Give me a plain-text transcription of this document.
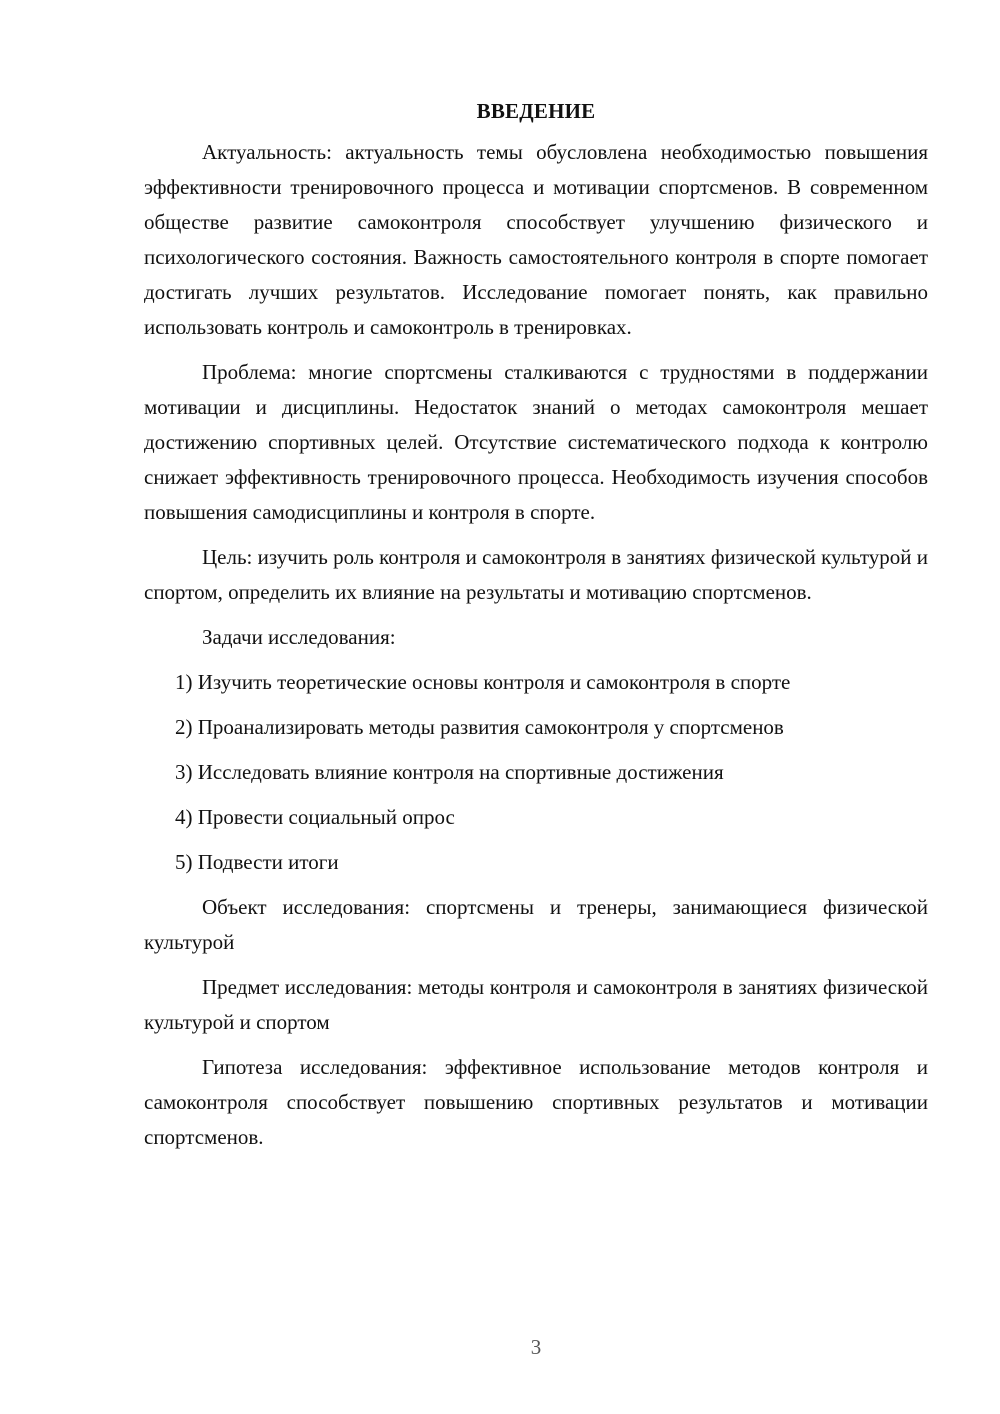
ВВЕДЕНИЕ

Актуальность: актуальность темы обусловлена необходимостью повышения эффективности тренировочного процесса и мотивации спортсменов. В современном обществе развитие самоконтроля способствует улучшению физического и психологического состояния. Важность самостоятельного контроля в спорте помогает достигать лучших результатов. Исследование помогает понять, как правильно использовать контроль и самоконтроль в тренировках.

Проблема: многие спортсмены сталкиваются с трудностями в поддержании мотивации и дисциплины. Недостаток знаний о методах самоконтроля мешает достижению спортивных целей. Отсутствие систематического подхода к контролю снижает эффективность тренировочного процесса. Необходимость изучения способов повышения самодисциплины и контроля в спорте.

Цель: изучить роль контроля и самоконтроля в занятиях физической культурой и спортом, определить их влияние на результаты и мотивацию спортсменов.

Задачи исследования:

1) Изучить теоретические основы контроля и самоконтроля в спорте
2) Проанализировать методы развития самоконтроля у спортсменов
3) Исследовать влияние контроля на спортивные достижения
4) Провести социальный опрос
5) Подвести итоги

Объект исследования: спортсмены и тренеры, занимающиеся физической культурой

Предмет исследования: методы контроля и самоконтроля в занятиях физической культурой и спортом

Гипотеза исследования: эффективное использование методов контроля и самоконтроля способствует повышению спортивных результатов и мотивации спортсменов.

3
